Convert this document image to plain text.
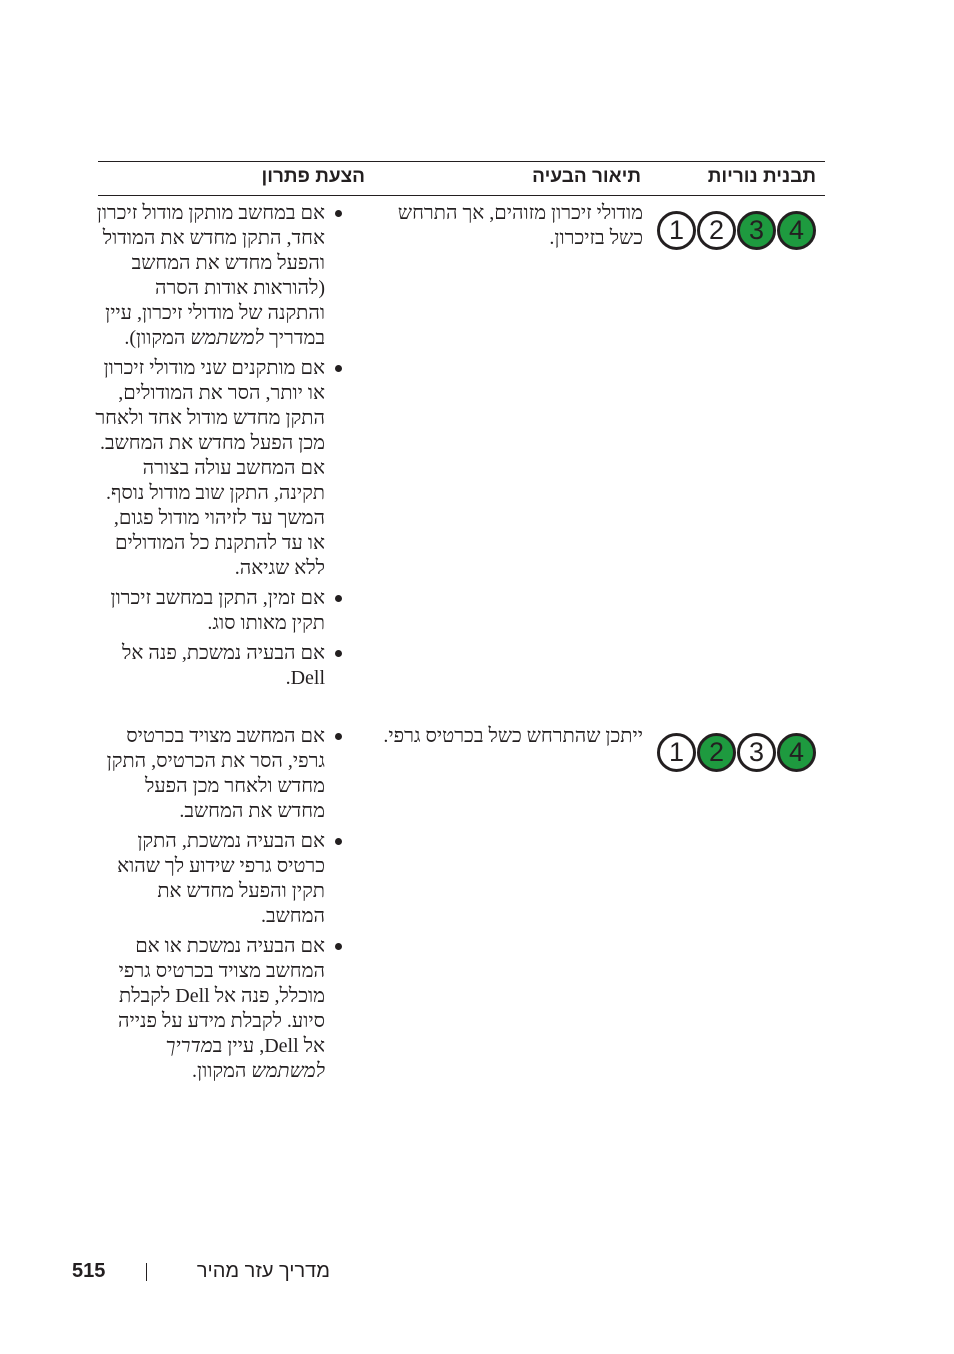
תבנית נוריות
תיאור הבעיה
הצעת פתרון
1 2 3 4
מודולי זיכרון מזוהים, אך התרחש כשל בזיכרון.
אם במחשב מותקן מודול זיכרון אחד, התקן מחדש את המודול והפעל מחדש את המחשב (להוראות אודות הסרה והתקנה של מודולי זיכרון, עיין במדריך למשתמש המקוון).
אם מותקנים שני מודולי זיכרון או יותר, הסר את המודולים, התקן מחדש מודול אחד ולאחר מכן הפעל מחדש את המחשב. אם המחשב עולה בצורה תקינה, התקן שוב מודול נוסף. המשך עד לזיהוי מודול פגום, או עד להתקנת כל המודולים ללא שגיאה.
אם זמין, התקן במחשב זיכרון תקין מאותו סוג.
אם הבעיה נמשכת, פנה אל Dell.
1 2 3 4
ייתכן שהתרחש כשל בכרטיס גרפי.
אם המחשב מצויד בכרטיס גרפי, הסר את הכרטיס, התקן מחדש ולאחר מכן הפעל מחדש את המחשב.
אם הבעיה נמשכת, התקן כרטיס גרפי שידוע לך שהוא תקין והפעל מחדש את המחשב.
אם הבעיה נמשכת או אם המחשב מצויד בכרטיס גרפי מוכלל, פנה אל Dell לקבלת סיוע. לקבלת מידע על פנייה אל Dell, עיין במדריך למשתמש המקוון.
מדריך עזר מהיר
515
